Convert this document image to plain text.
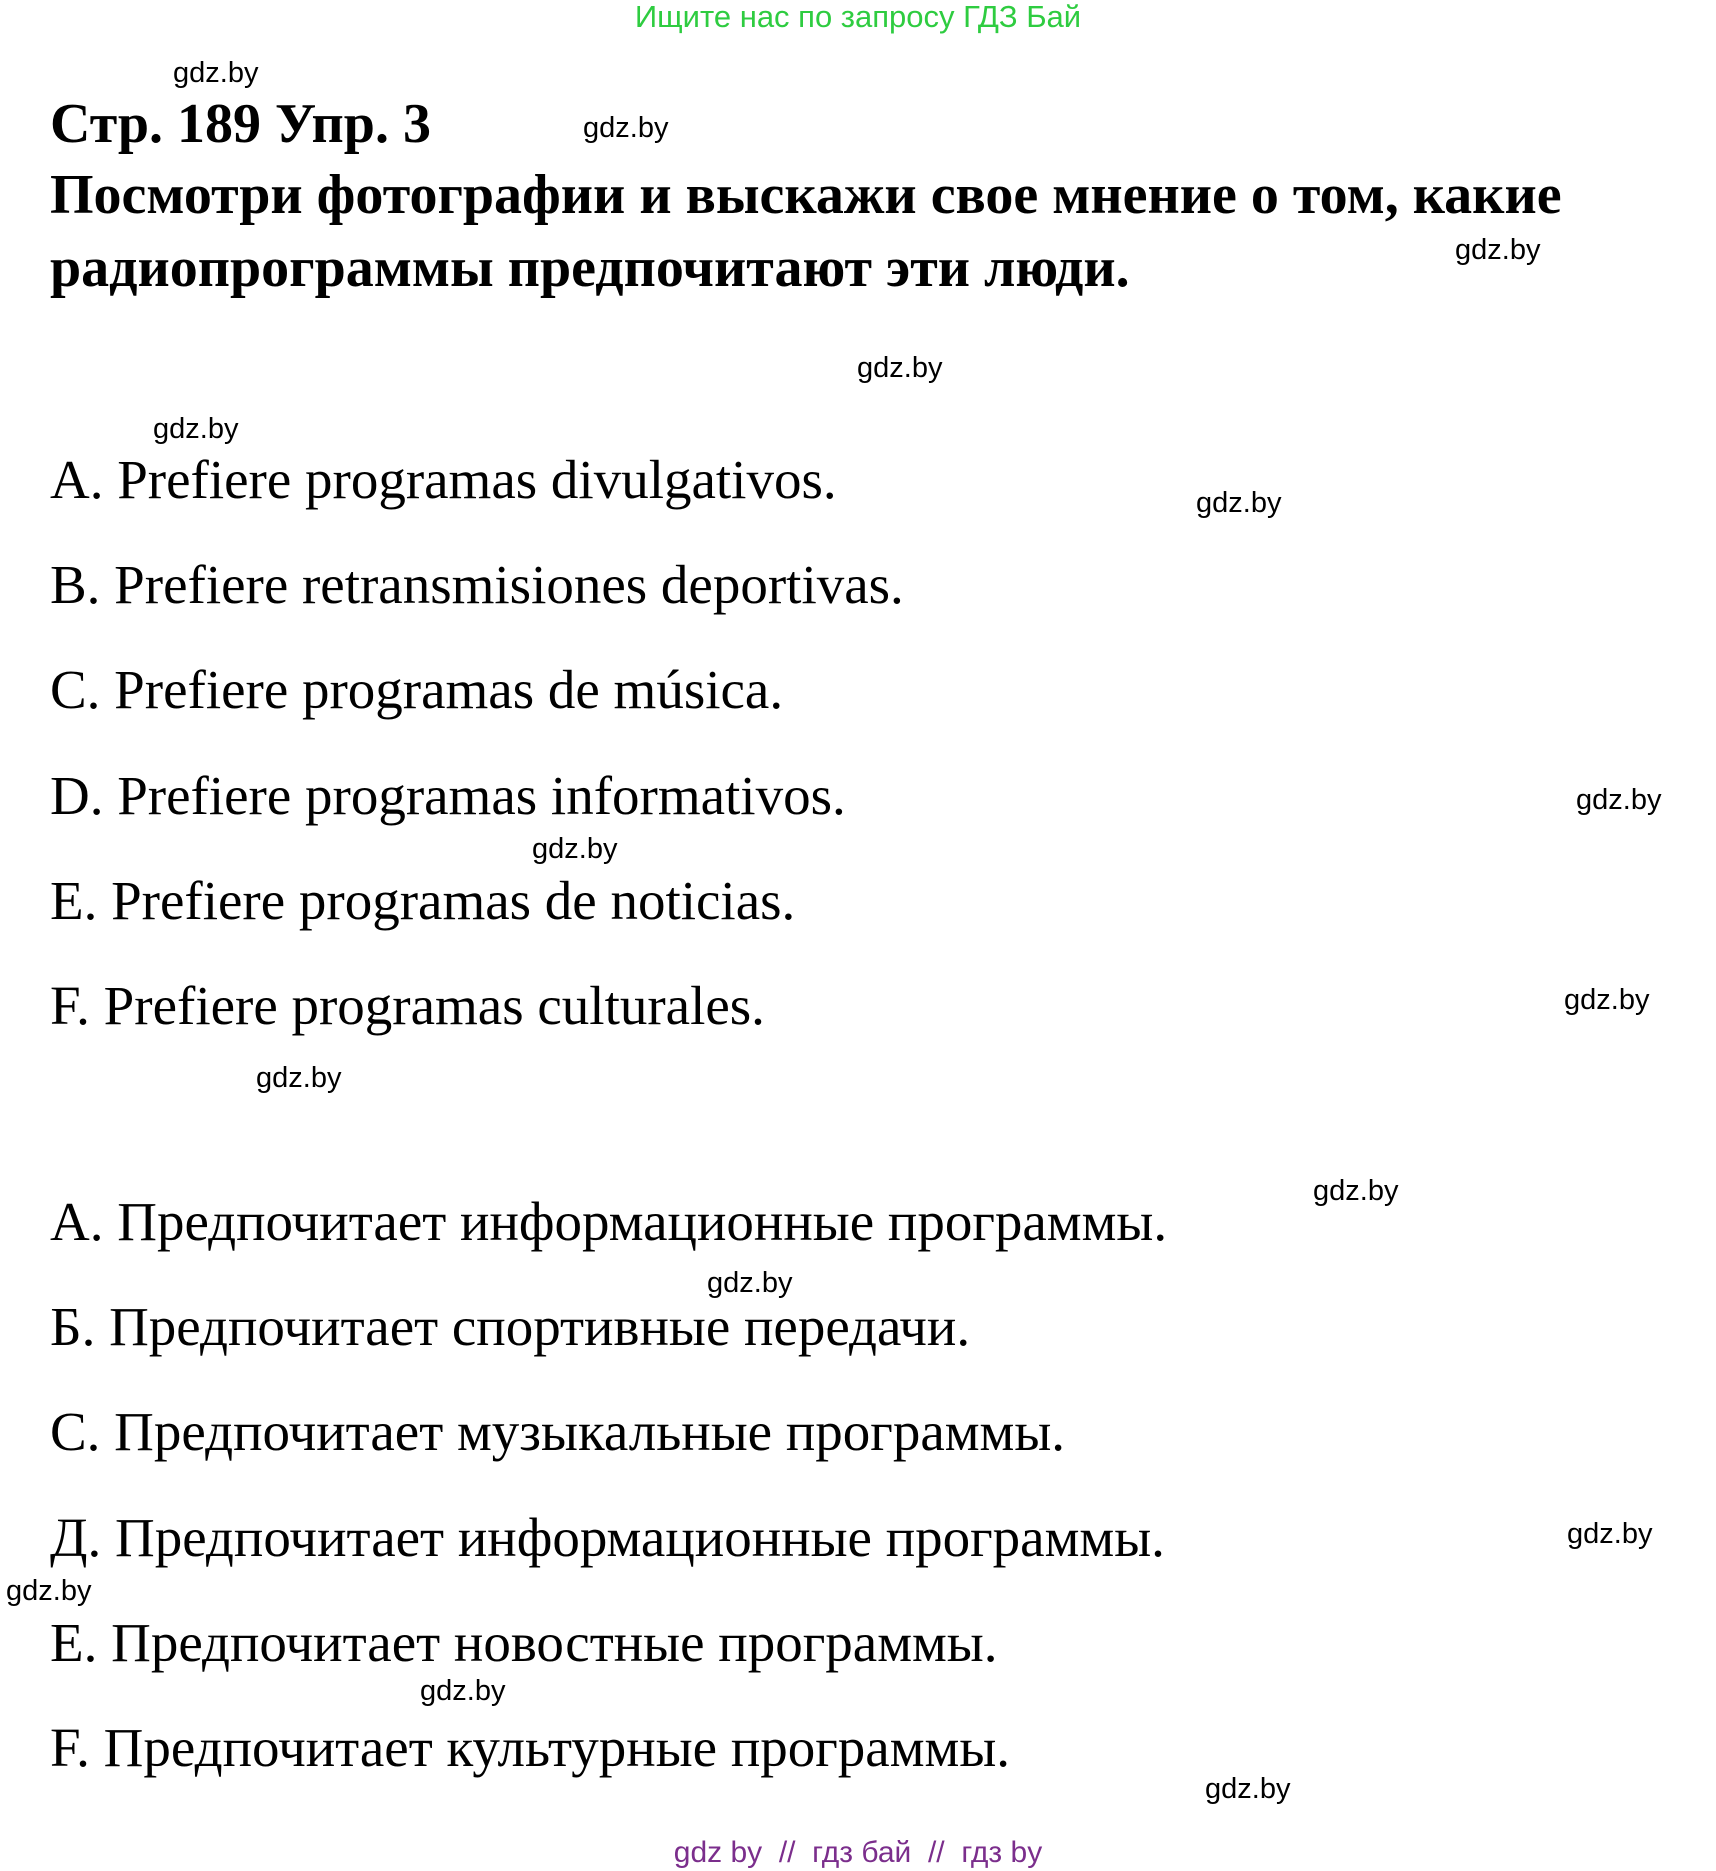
Ищите нас по запросу ГДЗ Бай
gdz.by
gdz.by
gdz.by
gdz.by
gdz.by
gdz.by
gdz.by
gdz.by
gdz.by
gdz.by
gdz.by
gdz.by
gdz.by
gdz.by
gdz.by
gdz.by
Стр. 189 Упр. 3
Посмотри фотографии и выскажи свое мнение о том, какие
радиопрограммы предпочитают эти люди.
A. Prefiere programas divulgativos.
B. Prefiere retransmisiones deportivas.
C. Prefiere programas de música.
D. Prefiere programas informativos.
E. Prefiere programas de noticias.
F. Prefiere programas culturales.
А. Предпочитает информационные программы.
Б. Предпочитает спортивные передачи.
С. Предпочитает музыкальные программы.
Д. Предпочитает информационные программы.
Е. Предпочитает новостные программы.
F. Предпочитает культурные программы.
gdz by  //  гдз бай  //  гдз by
